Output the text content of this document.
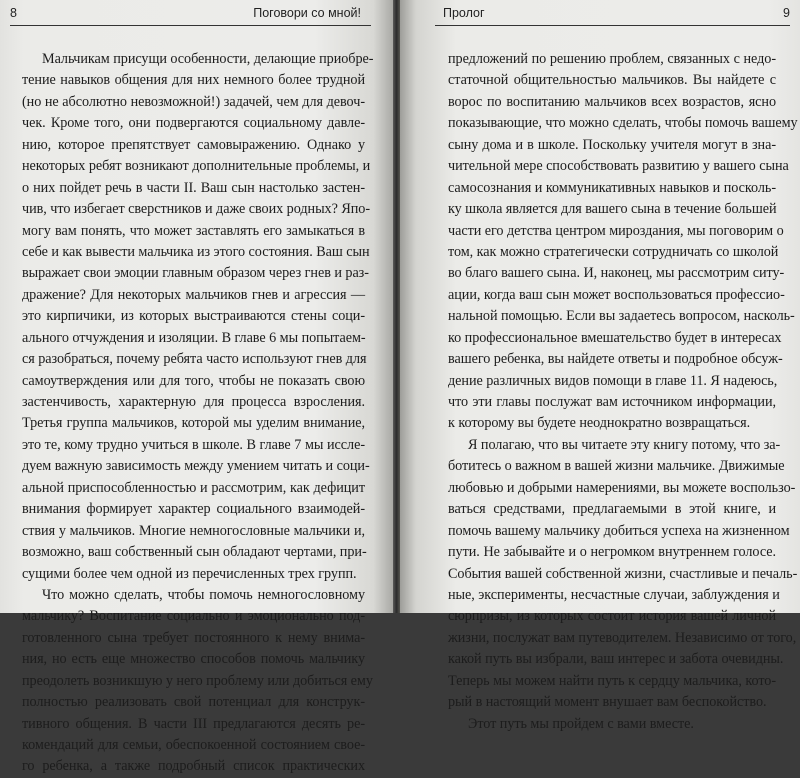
8	Поговори со мной!
Мальчикам присущи особенности, делающие приобре-
тение навыков общения для них немного более трудной
(но не абсолютно невозможной!) задачей, чем для девоч-
чек. Кроме того, они подвергаются социальному давле-
нию, которое препятствует самовыражению. Однако у
некоторых ребят возникают дополнительные проблемы, и
о них пойдет речь в части II. Ваш сын настолько застен-
чив, что избегает сверстников и даже своих родных? Япо-
могу вам понять, что может заставлять его замыкаться в
себе и как вывести мальчика из этого состояния. Ваш сын
выражает свои эмоции главным образом через гнев и раз-
дражение? Для некоторых мальчиков гнев и агрессия —
это кирпичики, из которых выстраиваются стены соци-
ального отчуждения и изоляции. В главе 6 мы попытаем-
ся разобраться, почему ребята часто используют гнев для
самоутверждения или для того, чтобы не показать свою
застенчивость, характерную для процесса взросления.
Третья группа мальчиков, которой мы уделим внимание,
это те, кому трудно учиться в школе. В главе 7 мы иссле-
дуем важную зависимость между умением читать и соци-
альной приспособленностью и рассмотрим, как дефицит
внимания формирует характер социального взаимодей-
ствия у мальчиков. Многие немногословные мальчики и,
возможно, ваш собственный сын обладают чертами, при-
сущими более чем одной из перечисленных трех групп.
Что можно сделать, чтобы помочь немногословному
мальчику? Воспитание социально и эмоционально под-
готовленного сына требует постоянного к нему внима-
ния, но есть еще множество способов помочь мальчику
преодолеть возникшую у него проблему или добиться ему
полностью реализовать свой потенциал для конструк-
тивного общения. В части III предлагаются десять ре-
комендаций для семьи, обеспокоенной состоянием свое-
го ребенка, а также подробный список практических
Пролог	9
предложений по решению проблем, связанных с недо-
статочной общительностью мальчиков. Вы найдете с
ворос по воспитанию мальчиков всех возрастов, ясно
показывающие, что можно сделать, чтобы помочь вашему
сыну дома и в школе. Поскольку учителя могут в зна-
чительной мере способствовать развитию у вашего сына
самосознания и коммуникативных навыков и посколь-
ку школа является для вашего сына в течение большей
части его детства центром мироздания, мы поговорим о
том, как можно стратегически сотрудничать со школой
во благо вашего сына. И, наконец, мы рассмотрим ситу-
ации, когда ваш сын может воспользоваться профессио-
нальной помощью. Если вы задаетесь вопросом, насколь-
ко профессиональное вмешательство будет в интересах
вашего ребенка, вы найдете ответы и подробное обсуж-
дение различных видов помощи в главе 11. Я надеюсь,
что эти главы послужат вам источником информации,
к которому вы будете неоднократно возвращаться.
Я полагаю, что вы читаете эту книгу потому, что за-
ботитесь о важном в вашей жизни мальчике. Движимые
любовью и добрыми намерениями, вы можете воспользо-
ваться средствами, предлагаемыми в этой книге, и
помочь вашему мальчику добиться успеха на жизненном
пути. Не забывайте и о негромком внутреннем голосе.
События вашей собственной жизни, счастливые и печаль-
ные, эксперименты, несчастные случаи, заблуждения и
сюрпризы, из которых состоит история вашей личной
жизни, послужат вам путеводителем. Независимо от того,
какой путь вы избрали, ваш интерес и забота очевидны.
Теперь мы можем найти путь к сердцу мальчика, кото-
рый в настоящий момент внушает вам беспокойство.
Этот путь мы пройдем с вами вместе.
